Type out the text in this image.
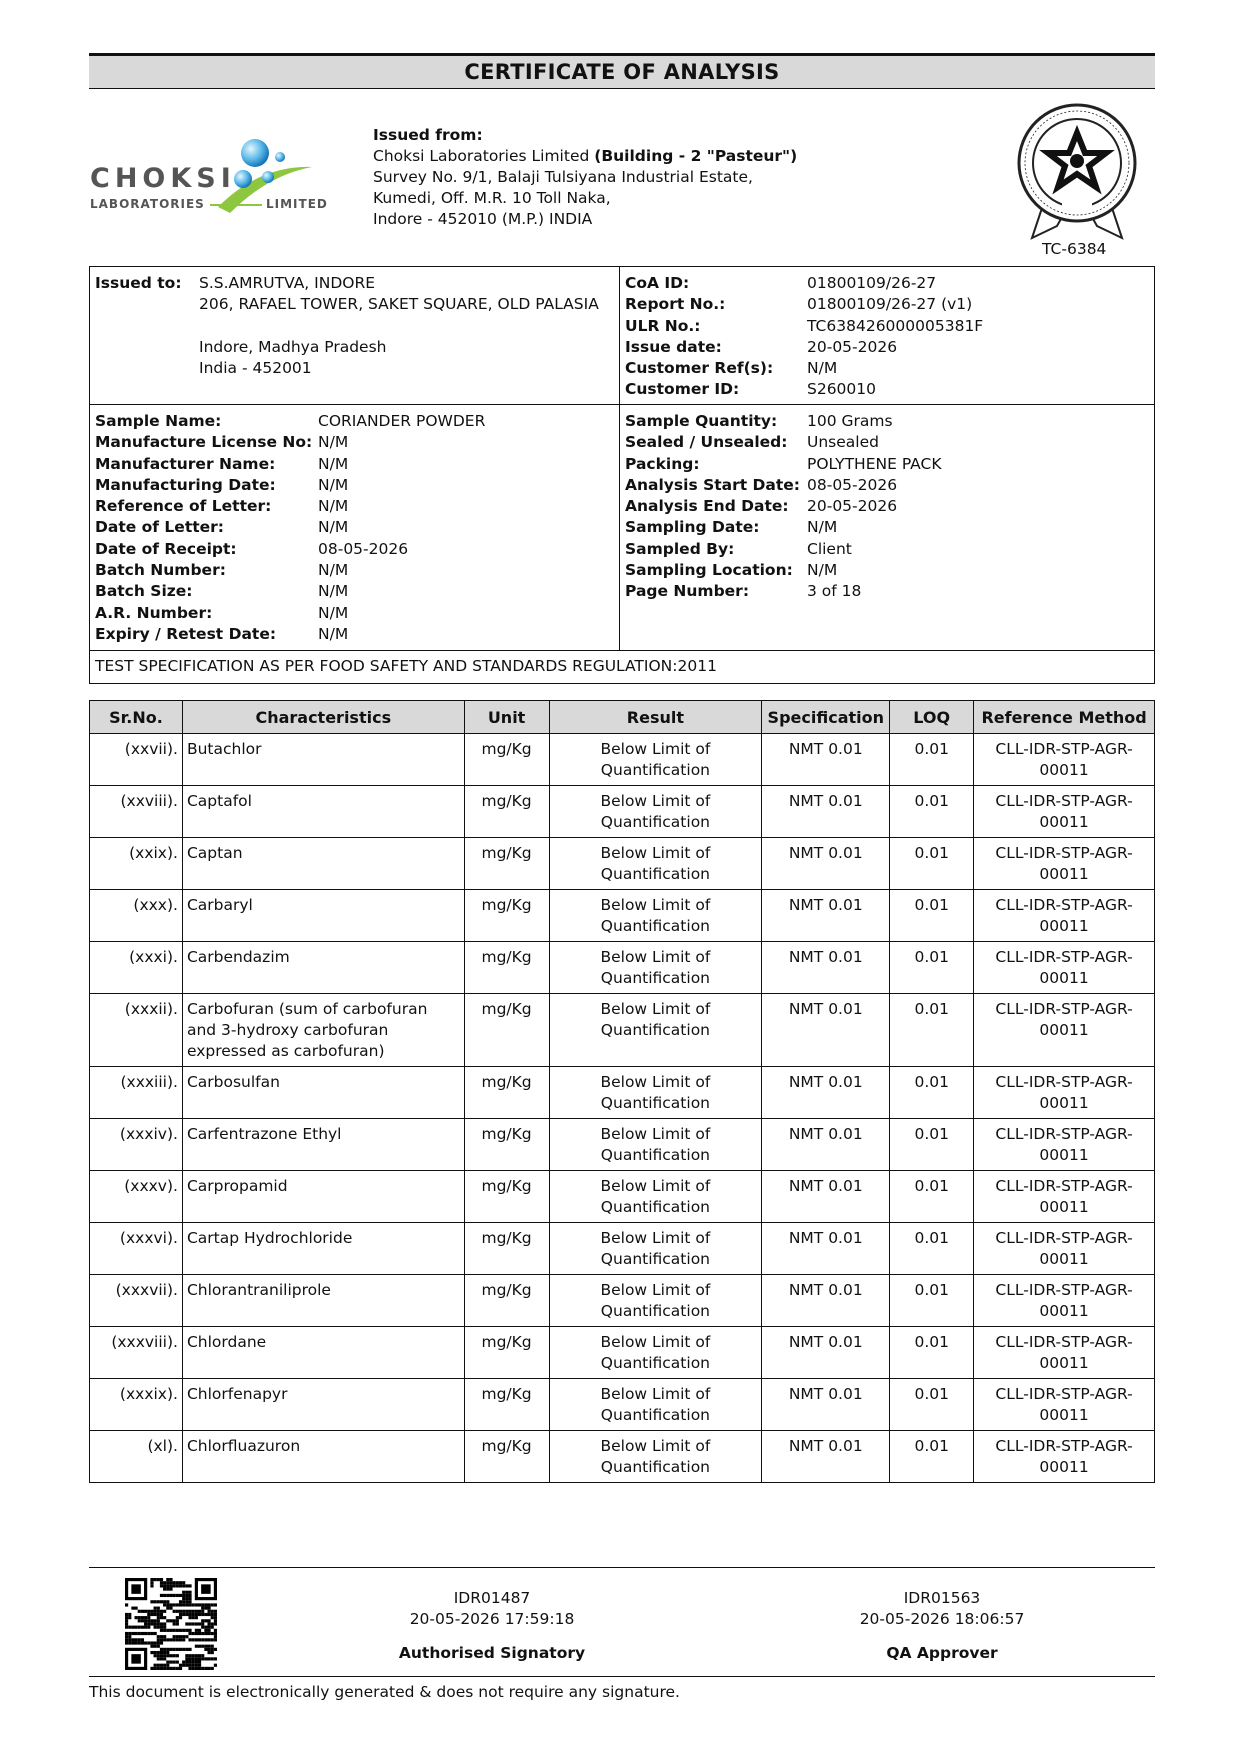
CERTIFICATE OF ANALYSIS
CHOKSI
LABORATORIES	LIMITED
Issued from:
Choksi Laboratories Limited (Building - 2 "Pasteur")
Survey No. 9/1, Balaji Tulsiyana Industrial Estate,
Kumedi, Off. M.R. 10 Toll Naka,
Indore - 452010 (M.P.) INDIA
TC-6384
Issued to:	S.S.AMRUTVA, INDORE
206, RAFAEL TOWER, SAKET SQUARE, OLD PALASIA
Indore, Madhya Pradesh
India - 452001
CoA ID:	01800109/26-27
Report No.:	01800109/26-27 (v1)
ULR No.:	TC638426000005381F
Issue date:	20-05-2026
Customer Ref(s):	N/M
Customer ID:	S260010
Sample Name:	CORIANDER POWDER
Manufacture License No: N/M
Manufacturer Name:	N/M
Manufacturing Date:	N/M
Reference of Letter:	N/M
Date of Letter:	N/M
Date of Receipt:	08-05-2026
Batch Number:	N/M
Batch Size:	N/M
A.R. Number:	N/M
Expiry / Retest Date:	N/M
Sample Quantity:	100 Grams
Sealed / Unsealed:	Unsealed
Packing:	POLYTHENE PACK
Analysis Start Date: 08-05-2026
Analysis End Date:	20-05-2026
Sampling Date:	N/M
Sampled By:	Client
Sampling Location: N/M
Page Number:	3 of 18
TEST SPECIFICATION AS PER FOOD SAFETY AND STANDARDS REGULATION:2011
Sr.No.	Characteristics	Unit	Result	Specification	LOQ	Reference Method
(xxvii).	Butachlor	mg/Kg	Below Limit of Quantification	NMT 0.01	0.01	CLL-IDR-STP-AGR-00011
(xxviii).	Captafol	mg/Kg	Below Limit of Quantification	NMT 0.01	0.01	CLL-IDR-STP-AGR-00011
(xxix).	Captan	mg/Kg	Below Limit of Quantification	NMT 0.01	0.01	CLL-IDR-STP-AGR-00011
(xxx).	Carbaryl	mg/Kg	Below Limit of Quantification	NMT 0.01	0.01	CLL-IDR-STP-AGR-00011
(xxxi).	Carbendazim	mg/Kg	Below Limit of Quantification	NMT 0.01	0.01	CLL-IDR-STP-AGR-00011
(xxxii).	Carbofuran (sum of carbofuran and 3-hydroxy carbofuran expressed as carbofuran)	mg/Kg	Below Limit of Quantification	NMT 0.01	0.01	CLL-IDR-STP-AGR-00011
(xxxiii).	Carbosulfan	mg/Kg	Below Limit of Quantification	NMT 0.01	0.01	CLL-IDR-STP-AGR-00011
(xxxiv).	Carfentrazone Ethyl	mg/Kg	Below Limit of Quantification	NMT 0.01	0.01	CLL-IDR-STP-AGR-00011
(xxxv).	Carpropamid	mg/Kg	Below Limit of Quantification	NMT 0.01	0.01	CLL-IDR-STP-AGR-00011
(xxxvi).	Cartap Hydrochloride	mg/Kg	Below Limit of Quantification	NMT 0.01	0.01	CLL-IDR-STP-AGR-00011
(xxxvii).	Chlorantraniliprole	mg/Kg	Below Limit of Quantification	NMT 0.01	0.01	CLL-IDR-STP-AGR-00011
(xxxviii).	Chlordane	mg/Kg	Below Limit of Quantification	NMT 0.01	0.01	CLL-IDR-STP-AGR-00011
(xxxix).	Chlorfenapyr	mg/Kg	Below Limit of Quantification	NMT 0.01	0.01	CLL-IDR-STP-AGR-00011
(xl).	Chlorfluazuron	mg/Kg	Below Limit of Quantification	NMT 0.01	0.01	CLL-IDR-STP-AGR-00011
IDR01487
20-05-2026 17:59:18
Authorised Signatory
IDR01563
20-05-2026 18:06:57
QA Approver
This document is electronically generated & does not require any signature.
